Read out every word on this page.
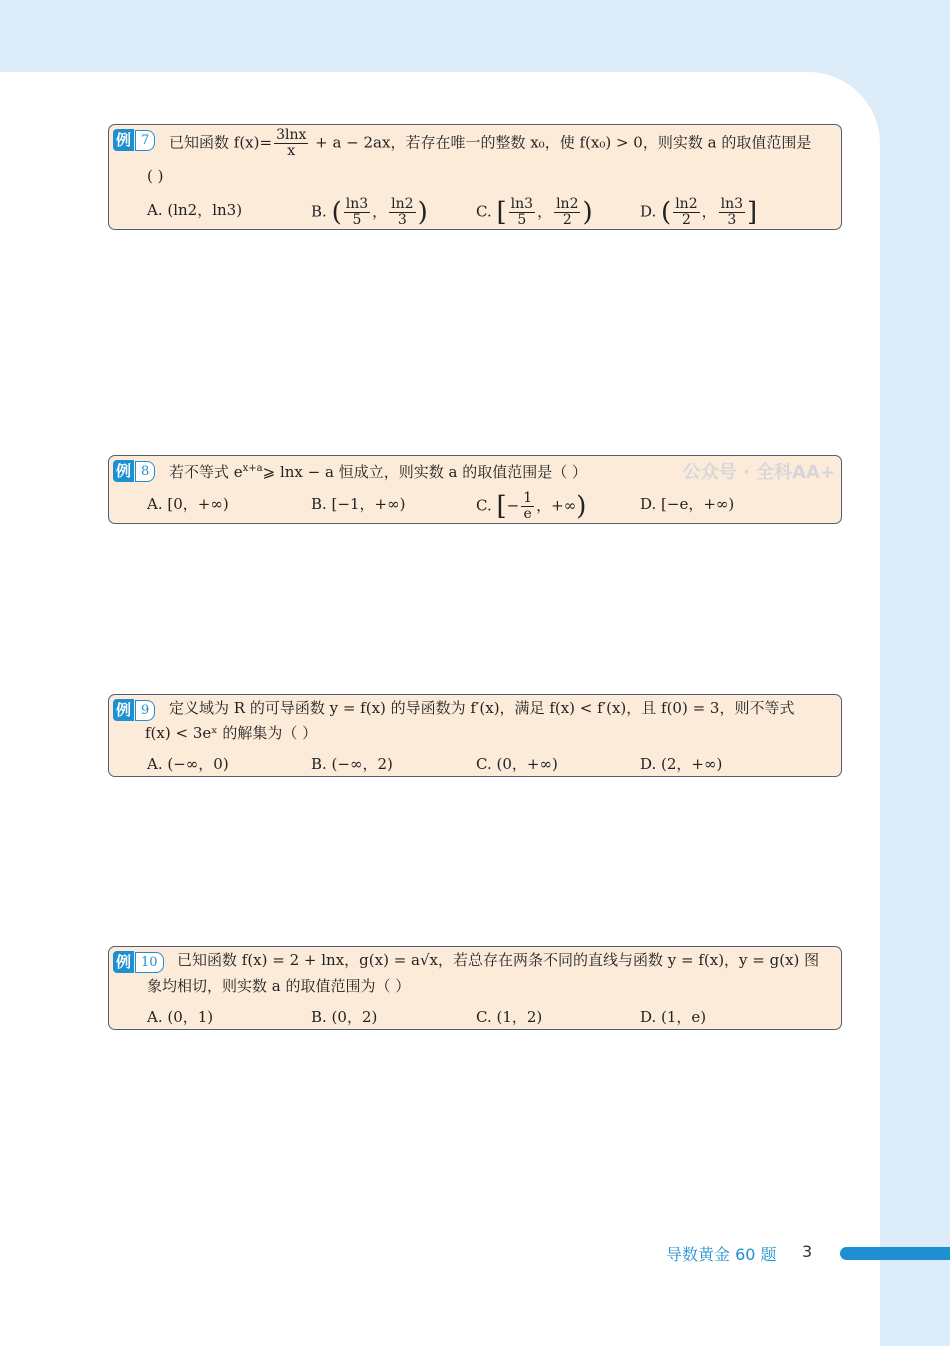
例 7	已知函数 $f(x)= \frac{3\ln x}{x} + a - 2ax$，若存在唯一的整数 x₀，使 f(x₀) > 0，则实数 a 的取值范围是
( )
A. (ln2，ln3)	B. ( $\frac{\ln 3}{5}$ ， $\frac{\ln 2}{3}$ )	C. [ $\frac{\ln 3}{5}$ ， $\frac{\ln 2}{2}$ )	D. ( $\frac{\ln 2}{2}$ ， $\frac{\ln 3}{3}$ ]
例 8	公众号 · 全科AA+
若不等式 $e^{x+a}⩾$ lnx − a 恒成立，则实数 a 的取值范围是（ ）
A. [0，+∞)	B. [−1，+∞)	C. [− $\frac{1}{e}$ ，+∞)	D. [−e，+∞)
例 9	定义域为 R 的可导函数 y = f(x) 的导函数为 f′(x)，满足 f(x) < f′(x)，且 f(0) = 3，则不等式
f(x) < 3eˣ 的解集为（ ）
A. (−∞，0)	B. (−∞，2)	C. (0，+∞)	D. (2，+∞)
例 10	已知函数 f(x) = 2 + lnx，g(x) = a√x，若总存在两条不同的直线与函数 y = f(x)，y = g(x) 图
象均相切，则实数 a 的取值范围为（ ）
A. (0，1)	B. (0，2)	C. (1，2)	D. (1，e)
导数黄金 60 题 3
